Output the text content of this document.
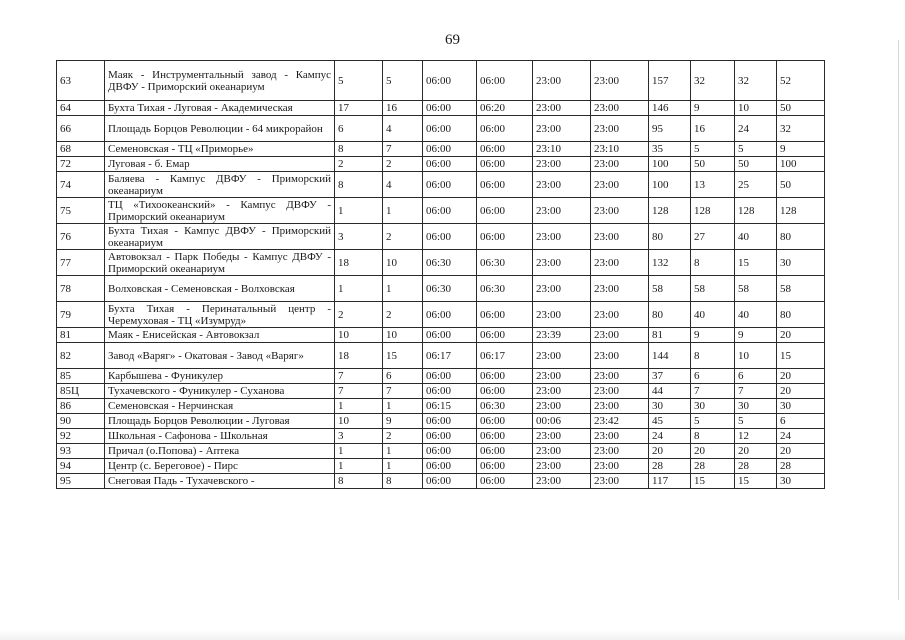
69
63	Маяк - Инструментальный завод - Кампус ДВФУ - Приморский океанариум	5	5	06:00	06:00	23:00	23:00	157	32	32	52
64	Бухта Тихая - Луговая - Академическая	17	16	06:00	06:20	23:00	23:00	146	9	10	50
66	Площадь Борцов Революции - 64 микрорайон	6	4	06:00	06:00	23:00	23:00	95	16	24	32
68	Семеновская - ТЦ «Приморье»	8	7	06:00	06:00	23:10	23:10	35	5	5	9
72	Луговая - б. Емар	2	2	06:00	06:00	23:00	23:00	100	50	50	100
74	Баляева - Кампус ДВФУ - Приморский океанариум	8	4	06:00	06:00	23:00	23:00	100	13	25	50
75	ТЦ «Тихоокеанский» - Кампус ДВФУ - Приморский океанариум	1	1	06:00	06:00	23:00	23:00	128	128	128	128
76	Бухта Тихая - Кампус ДВФУ - Приморский океанариум	3	2	06:00	06:00	23:00	23:00	80	27	40	80
77	Автовокзал - Парк Победы - Кампус ДВФУ - Приморский океанариум	18	10	06:30	06:30	23:00	23:00	132	8	15	30
78	Волховская - Семеновская - Волховская	1	1	06:30	06:30	23:00	23:00	58	58	58	58
79	Бухта Тихая - Перинатальный центр - Черемуховая - ТЦ «Изумруд»	2	2	06:00	06:00	23:00	23:00	80	40	40	80
81	Маяк - Енисейская - Автовокзал	10	10	06:00	06:00	23:39	23:00	81	9	9	20
82	Завод «Варяг» - Окатовая - Завод «Варяг»	18	15	06:17	06:17	23:00	23:00	144	8	10	15
85	Карбышева - Фуникулер	7	6	06:00	06:00	23:00	23:00	37	6	6	20
85Ц	Тухачевского - Фуникулер - Суханова	7	7	06:00	06:00	23:00	23:00	44	7	7	20
86	Семеновская - Нерчинская	1	1	06:15	06:30	23:00	23:00	30	30	30	30
90	Площадь Борцов Революции - Луговая	10	9	06:00	06:00	00:06	23:42	45	5	5	6
92	Школьная - Сафонова - Школьная	3	2	06:00	06:00	23:00	23:00	24	8	12	24
93	Причал (о.Попова) - Аптека	1	1	06:00	06:00	23:00	23:00	20	20	20	20
94	Центр (с. Береговое) - Пирс	1	1	06:00	06:00	23:00	23:00	28	28	28	28
95	Снеговая Падь - Тухачевского -	8	8	06:00	06:00	23:00	23:00	117	15	15	30
